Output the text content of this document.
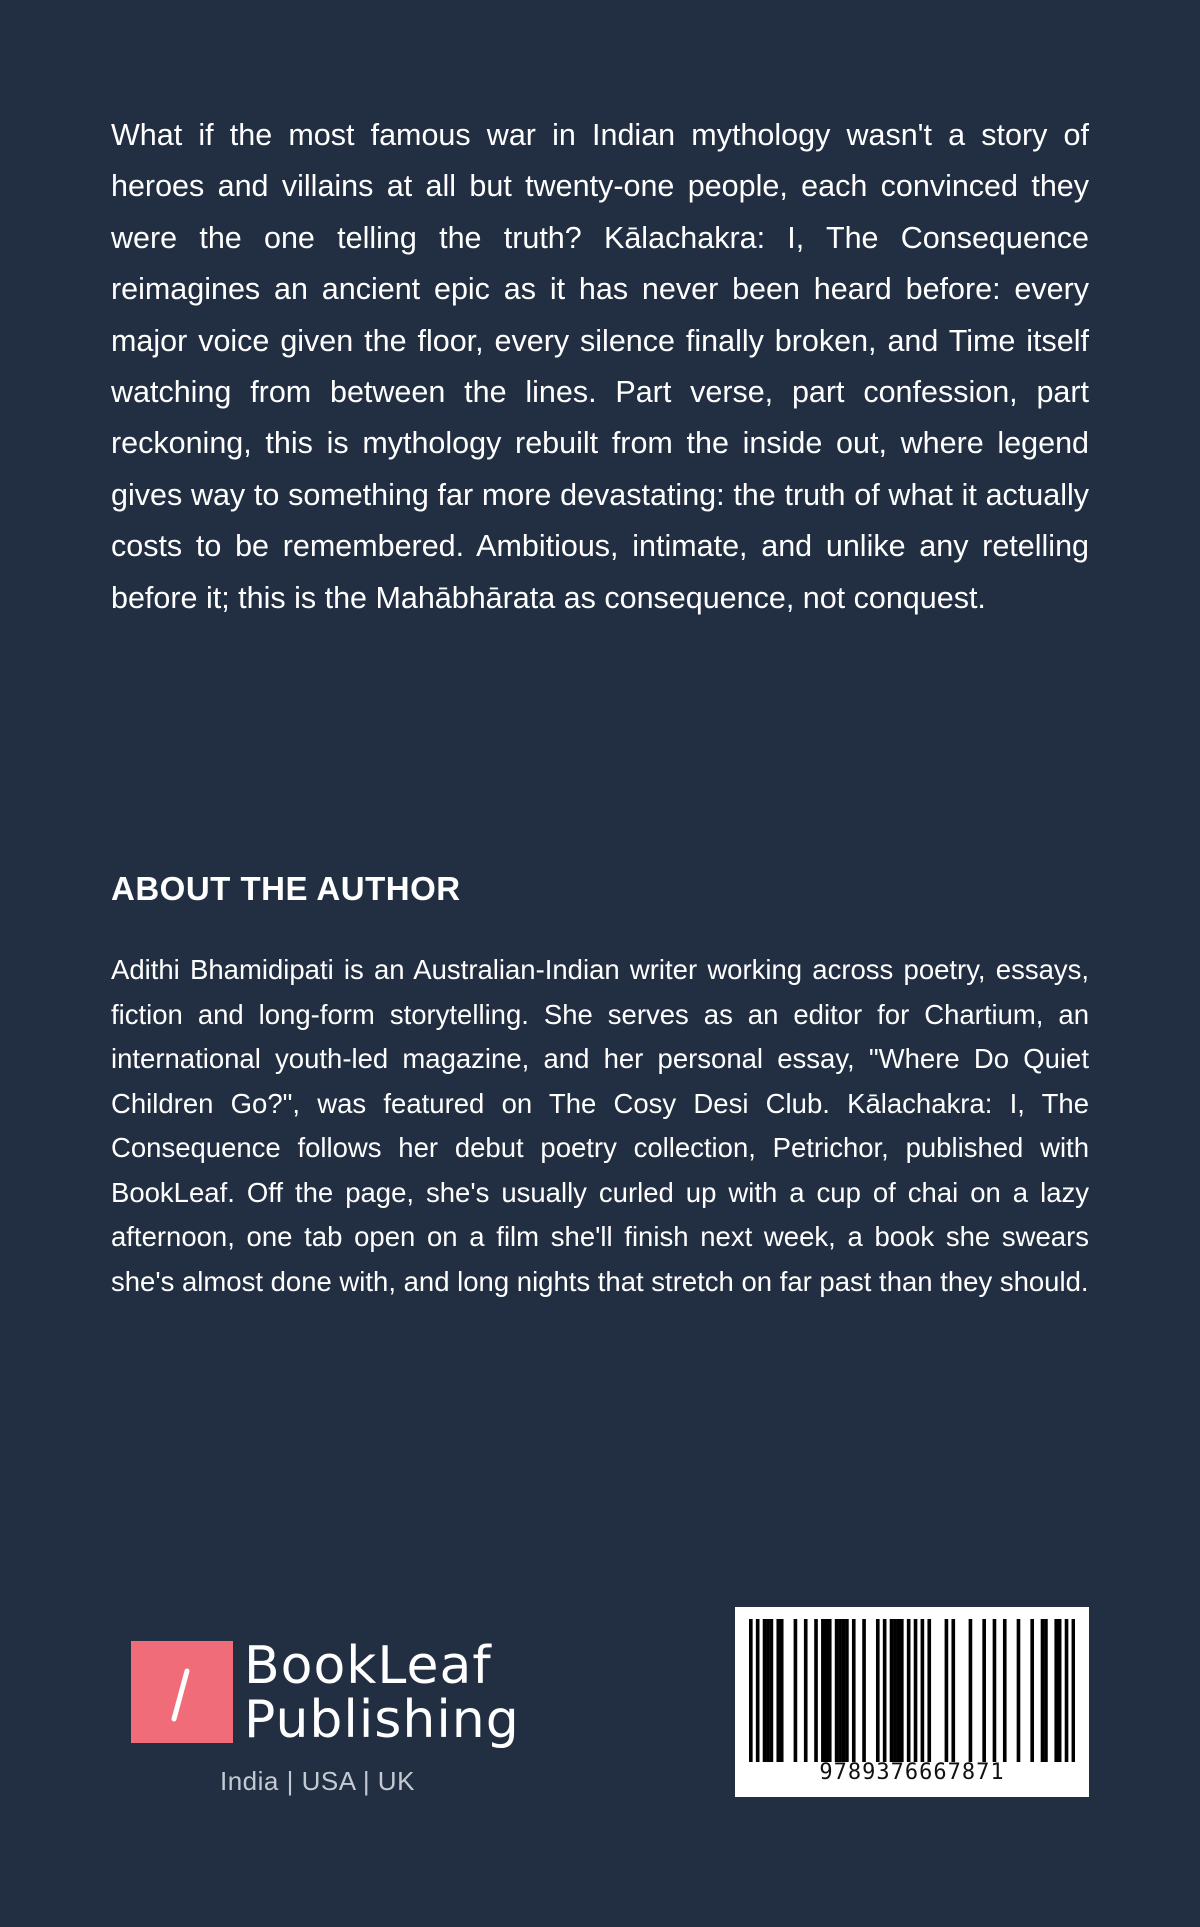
What if the most famous war in Indian mythology wasn't a story of heroes and villains at all but twenty-one people, each convinced they were the one telling the truth? Kālachakra: I, The Consequence reimagines an ancient epic as it has never been heard before: every major voice given the floor, every silence finally broken, and Time itself watching from between the lines. Part verse, part confession, part reckoning, this is mythology rebuilt from the inside out, where legend gives way to something far more devastating: the truth of what it actually costs to be remembered. Ambitious, intimate, and unlike any retelling before it; this is the Mahābhārata as consequence, not conquest.

ABOUT THE AUTHOR

Adithi Bhamidipati is an Australian-Indian writer working across poetry, essays, fiction and long-form storytelling. She serves as an editor for Chartium, an international youth-led magazine, and her personal essay, "Where Do Quiet Children Go?", was featured on The Cosy Desi Club. Kālachakra: I, The Consequence follows her debut poetry collection, Petrichor, published with BookLeaf. Off the page, she's usually curled up with a cup of chai on a lazy afternoon, one tab open on a film she'll finish next week, a book she swears she's almost done with, and long nights that stretch on far past than they should.

BookLeaf
Publishing
India | USA | UK	9789376667871
